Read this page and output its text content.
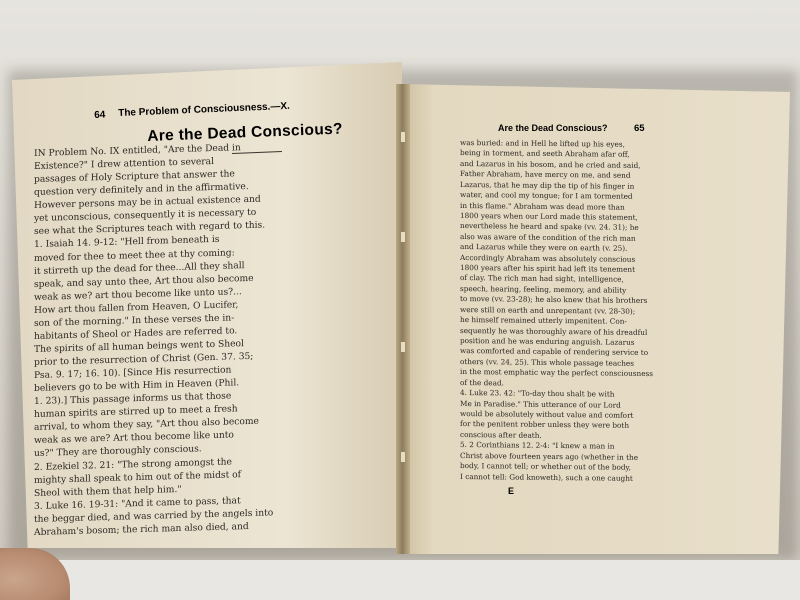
64 The Problem of Consciousness.—X.
Are the Dead Conscious?
IN Problem No. IX entitled, "Are the Dead in
Existence?" I drew attention to several
passages of Holy Scripture that answer the
question very definitely and in the affirmative.
However persons may be in actual existence and
yet unconscious, consequently it is necessary to
see what the Scriptures teach with regard to this.
1. Isaiah 14. 9-12: "Hell from beneath is
moved for thee to meet thee at thy coming:
it stirreth up the dead for thee...All they shall
speak, and say unto thee, Art thou also become
weak as we? art thou become like unto us?...
How art thou fallen from Heaven, O Lucifer,
son of the morning." In these verses the in-
habitants of Sheol or Hades are referred to.
The spirits of all human beings went to Sheol
prior to the resurrection of Christ (Gen. 37. 35;
Psa. 9. 17; 16. 10). [Since His resurrection
believers go to be with Him in Heaven (Phil.
1. 23).] This passage informs us that those
human spirits are stirred up to meet a fresh
arrival, to whom they say, "Art thou also become
weak as we are? Art thou become like unto
us?" They are thoroughly conscious.
2. Ezekiel 32. 21: "The strong amongst the
mighty shall speak to him out of the midst of
Sheol with them that help him."
3. Luke 16. 19-31: "And it came to pass, that
the beggar died, and was carried by the angels into
Abraham's bosom; the rich man also died, and
Are the Dead Conscious?	65
was buried: and in Hell he lifted up his eyes,
being in torment, and seeth Abraham afar off,
and Lazarus in his bosom, and he cried and said,
Father Abraham, have mercy on me, and send
Lazarus, that he may dip the tip of his finger in
water, and cool my tongue; for I am tormented
in this flame." Abraham was dead more than
1800 years when our Lord made this statement,
nevertheless he heard and spake (vv. 24. 31); he
also was aware of the condition of the rich man
and Lazarus while they were on earth (v. 25).
Accordingly Abraham was absolutely conscious
1800 years after his spirit had left its tenement
of clay. The rich man had sight, intelligence,
speech, hearing, feeling, memory, and ability
to move (vv. 23-28); he also knew that his brothers
were still on earth and unrepentant (vv. 28-30);
he himself remained utterly impenitent. Con-
sequently he was thoroughly aware of his dreadful
position and he was enduring anguish. Lazarus
was comforted and capable of rendering service to
others (vv. 24, 25). This whole passage teaches
in the most emphatic way the perfect consciousness
of the dead.
4. Luke 23. 42: "To-day thou shalt be with
Me in Paradise." This utterance of our Lord
would be absolutely without value and comfort
for the penitent robber unless they were both
conscious after death.
5. 2 Corinthians 12. 2-4: "I knew a man in
Christ above fourteen years ago (whether in the
body, I cannot tell; or whether out of the body,
I cannot tell: God knoweth), such a one caught
E
